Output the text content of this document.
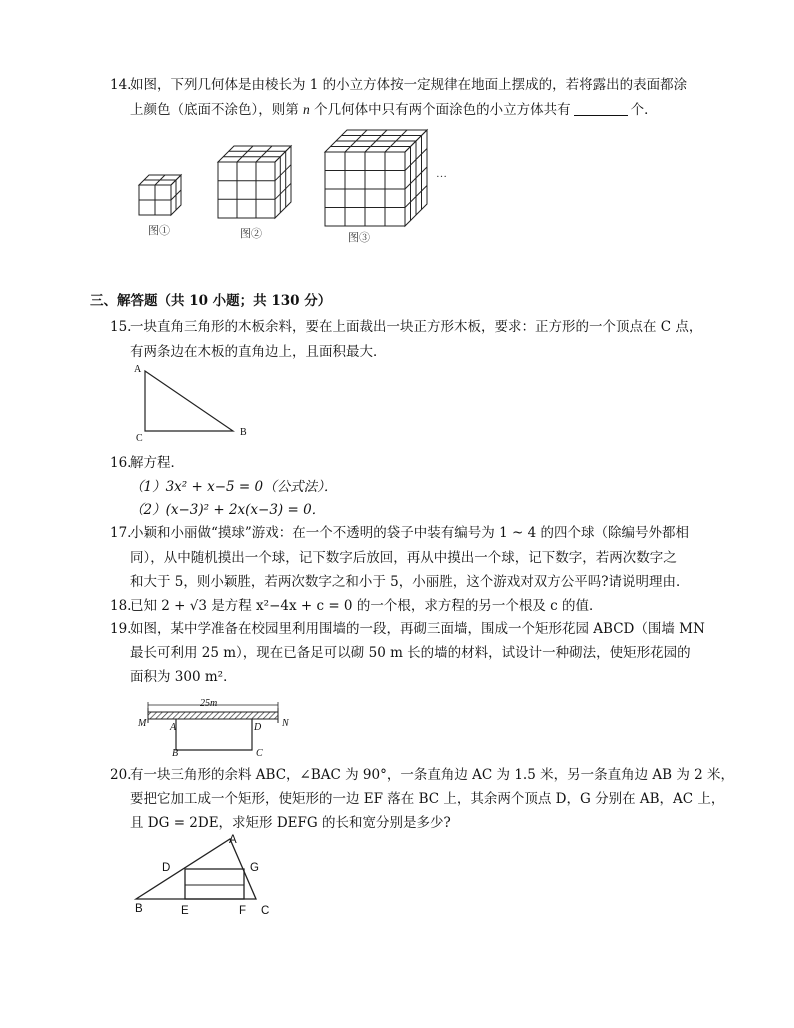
14.
如图，下列几何体是由棱长为 1 的小立方体按一定规律在地面上摆成的，若将露出的表面都涂
上颜色（底面不涂色），则第 n 个几何体中只有两个面涂色的小立方体共有	个．
图①	图②	图③
…
三、解答题（共 10 小题；共 130 分）
15.
一块直角三角形的木板余料，要在上面裁出一块正方形木板，要求：正方形的一个顶点在 C 点，
有两条边在木板的直角边上，且面积最大．
A
C
B
16.
解方程．
（1）3x² + x−5 = 0（公式法）．
（2）(x−3)² + 2x(x−3) = 0．
17.
小颖和小丽做“摸球”游戏：在一个不透明的袋子中装有编号为 1 ~ 4 的四个球（除编号外都相
同），从中随机摸出一个球，记下数字后放回，再从中摸出一个球，记下数字，若两次数字之
和大于 5，则小颖胜，若两次数字之和小于 5，小丽胜，这个游戏对双方公平吗?请说明理由．
18.
已知 2 + √3 是方程 x²−4x + c = 0 的一个根，求方程的另一个根及 c 的值．
19.
如图，某中学准备在校园里利用围墙的一段，再砌三面墙，围成一个矩形花园 ABCD（围墙 MN
最长可利用 25 m），现在已备足可以砌 50 m 长的墙的材料，试设计一种砌法，使矩形花园的
面积为 300 m²．
25m
M	N
A	D
B	C
20.
有一块三角形的余料 ABC，∠BAC 为 90°，一条直角边 AC 为 1.5 米，另一条直角边 AB 为 2 米，
要把它加工成一个矩形，使矩形的一边 EF 落在 BC 上，其余两个顶点 D，G 分别在 AB，AC 上，
且 DG = 2DE，求矩形 DEFG 的长和宽分别是多少?
A
D	G
B	E	F C
